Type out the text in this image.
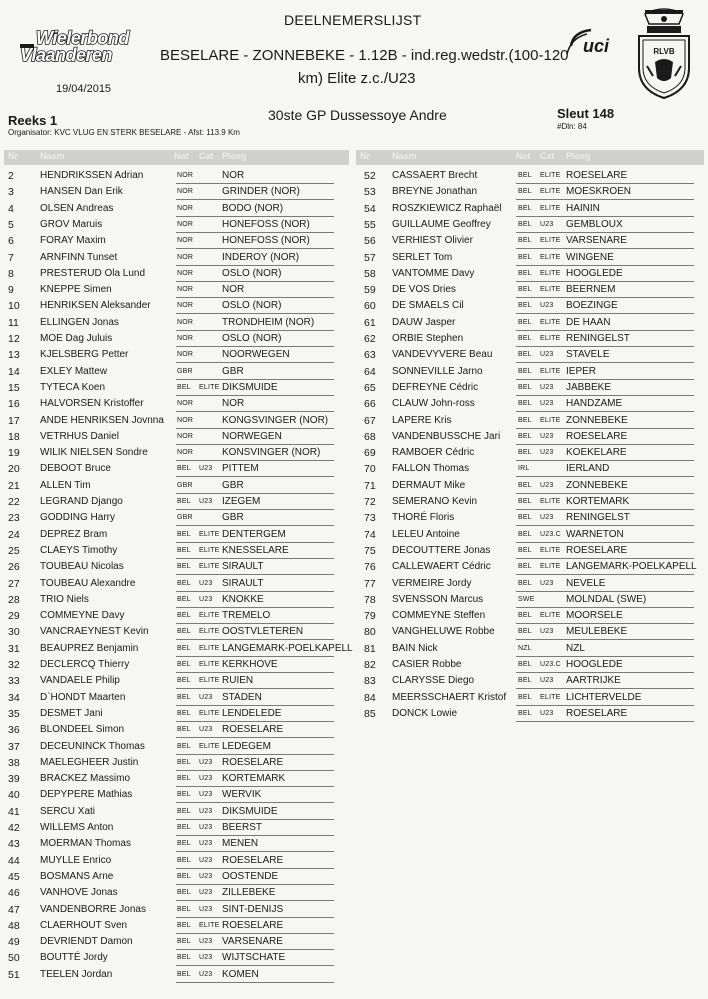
Wielerbond
Vlaanderen
19/04/2015
DEELNEMERSLIJST
BESELARE - ZONNEBEKE - 1.12B - ind.reg.wedstr.(100-120
km) Elite z.c./U23
uci	RLVB
Reeks 1
Organisator: KVC VLUG EN STERK BESELARE - Afst: 113.9 Km
30ste GP Dussessoye Andre	Sleut 148
#Dln: 84
Nr Naam	Nat Cat Ploeg	Nr Naam	Nat Cat Ploeg
2	HENDRIKSSEN Adrian	NOR	NOR
3	HANSEN Dan Erik	NOR	GRINDER (NOR)
4	OLSEN Andreas	NOR	BODO (NOR)
5	GROV Maruis	NOR	HONEFOSS (NOR)
6	FORAY Maxim	NOR	HONEFOSS (NOR)
7	ARNFINN Tunset	NOR	INDEROY (NOR)
8	PRESTERUD Ola Lund	NOR	OSLO (NOR)
9	KNEPPE Simen	NOR	NOR
10 HENRIKSEN Aleksander	NOR	OSLO (NOR)
11 ELLINGEN Jonas	NOR	TRONDHEIM (NOR)
12 MOE Dag Juluis	NOR	OSLO (NOR)
13 KJELSBERG Petter	NOR	NOORWEGEN
14 EXLEY Mattew	GBR	GBR
15 TYTECA Koen	BEL ELITE DIKSMUIDE
16 HALVORSEN Kristoffer	NOR	NOR
17 ANDE HENRIKSEN Jovnna NOR	KONGSVINGER (NOR)
18 VETRHUS Daniel	NOR	NORWEGEN
19 WILIK NIELSEN Sondre	NOR	KONSVINGER (NOR)
20 DEBOOT Bruce	BEL U23 PITTEM
21 ALLEN Tim	GBR	GBR
22 LEGRAND Django	BEL U23 IZEGEM
23 GODDING Harry	GBR	GBR
24 DEPREZ Bram	BEL ELITE DENTERGEM
25 CLAEYS Timothy	BEL ELITE KNESSELARE
26 TOUBEAU Nicolas	BEL ELITE SIRAULT
27 TOUBEAU Alexandre	BEL U23 SIRAULT
28 TRIO Niels	BEL U23 KNOKKE
29 COMMEYNE Davy	BEL ELITE TREMELO
30 VANCRAEYNEST Kevin	BEL ELITE OOSTVLETEREN
31 BEAUPREZ Benjamin	BEL ELITE LANGEMARK-POELKAPELL
32 DECLERCQ Thierry	BEL ELITE KERKHOVE
33 VANDAELE Philip	BEL ELITE RUIEN
34 D`HONDT Maarten	BEL U23 STADEN
35 DESMET Jani	BEL ELITE LENDELEDE
36 BLONDEEL Simon	BEL U23 ROESELARE
37 DECEUNINCK Thomas	BEL ELITE LEDEGEM
38 MAELEGHEER Justin	BEL U23 ROESELARE
39 BRACKEZ Massimo	BEL U23 KORTEMARK
40 DEPYPERE Mathias	BEL U23 WERVIK
41 SERCU Xati	BEL U23 DIKSMUIDE
42 WILLEMS Anton	BEL U23 BEERST
43 MOERMAN Thomas	BEL U23 MENEN
44 MUYLLE Enrico	BEL U23 ROESELARE
45 BOSMANS Arne	BEL U23 OOSTENDE
46 VANHOVE Jonas	BEL U23 ZILLEBEKE
47 VANDENBORRE Jonas	BEL U23 SINT-DENIJS
48 CLAERHOUT Sven	BEL ELITE ROESELARE
49 DEVRIENDT Damon	BEL U23 VARSENARE
50 BOUTTÉ Jordy	BEL U23 WIJTSCHATE
51 TEELEN Jordan	BEL U23 KOMEN
52 CASSAERT Brecht	BEL ELITE ROESELARE
53 BREYNE Jonathan	BEL ELITE MOESKROEN
54 ROSZKIEWICZ Raphaël BEL ELITE HAININ
55 GUILLAUME Geoffrey	BEL U23 GEMBLOUX
56 VERHIEST Olivier	BEL ELITE VARSENARE
57 SERLET Tom	BEL ELITE WINGENE
58 VANTOMME Davy	BEL ELITE HOOGLEDE
59 DE VOS Dries	BEL ELITE BEERNEM
60 DE SMAELS Cil	BEL U23 BOEZINGE
61 DAUW Jasper	BEL ELITE DE HAAN
62 ORBIE Stephen	BEL ELITE RENINGELST
63 VANDEVYVERE Beau	BEL U23 STAVELE
64 SONNEVILLE Jarno	BEL ELITE IEPER
65 DEFREYNE Cédric	BEL U23 JABBEKE
66 CLAUW John-ross	BEL U23 HANDZAME
67 LAPERE Kris	BEL ELITE ZONNEBEKE
68 VANDENBUSSCHE Jari	BEL U23 ROESELARE
69 RAMBOER Cédric	BEL U23 KOEKELARE
70 FALLON Thomas	IRL	IERLAND
71 DERMAUT Mike	BEL U23 ZONNEBEKE
72 SEMERANO Kevin	BEL ELITE KORTEMARK
73 THORÉ Floris	BEL U23 RENINGELST
74 LELEU Antoine	BEL U23.C WARNETON
75 DECOUTTERE Jonas	BEL ELITE ROESELARE
76 CALLEWAERT Cédric	BEL ELITE LANGEMARK-POELKAPELL
77 VERMEIRE Jordy	BEL U23 NEVELE
78 SVENSSON Marcus	SWE	MOLNDAL (SWE)
79 COMMEYNE Steffen	BEL ELITE MOORSELE
80 VANGHELUWE Robbe	BEL U23 MEULEBEKE
81 BAIN Nick	NZL	NZL
82 CASIER Robbe	BEL U23.C HOOGLEDE
83 CLARYSSE Diego	BEL U23 AARTRIJKE
84 MEERSSCHAERT Kristof BEL ELITE LICHTERVELDE
85 DONCK Lowie	BEL U23 ROESELARE
